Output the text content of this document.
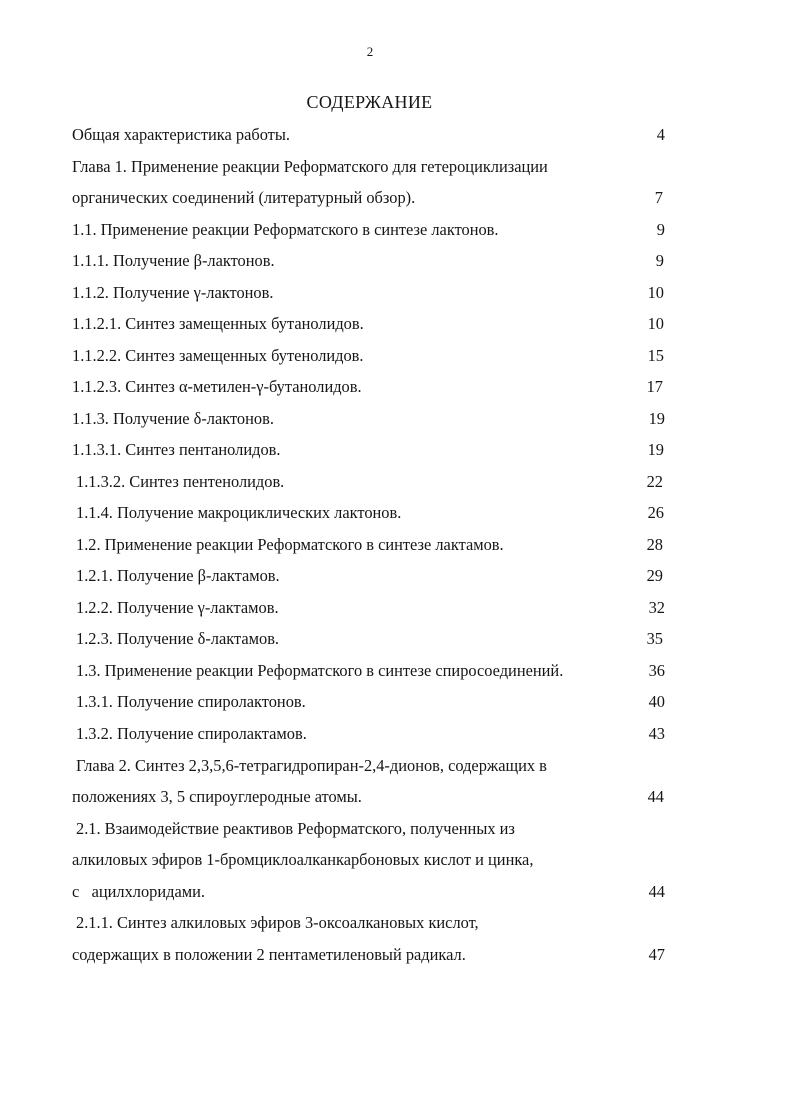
2
СОДЕРЖАНИЕ
Общая характеристика работы.	4
Глава 1. Применение реакции Реформатского для гетероциклизации
органических соединений (литературный обзор).	7
1.1. Применение реакции Реформатского в синтезе лактонов.	9
1.1.1. Получение β-лактонов.	9
1.1.2. Получение γ-лактонов.	10
1.1.2.1. Синтез замещенных бутанолидов.	10
1.1.2.2. Синтез замещенных бутенолидов.	15
1.1.2.3. Синтез α-метилен-γ-бутанолидов.	17
1.1.3. Получение δ-лактонов.	19
1.1.3.1. Синтез пентанолидов.	19
1.1.3.2. Синтез пентенолидов.	22
1.1.4. Получение макроциклических лактонов.	26
1.2. Применение реакции Реформатского в синтезе лактамов.	28
1.2.1. Получение β-лактамов.	29
1.2.2. Получение γ-лактамов.	32
1.2.3. Получение δ-лактамов.	35
1.3. Применение реакции Реформатского в синтезе спиросоединений.	36
1.3.1. Получение спиролактонов.	40
1.3.2. Получение спиролактамов.	43
Глава 2. Синтез 2,3,5,6-тетрагидропиран-2,4-дионов, содержащих в
положениях 3, 5 спироуглеродные атомы.	44
2.1. Взаимодействие реактивов Реформатского, полученных из
алкиловых эфиров 1-бромциклоалканкарбоновых кислот и цинка,
с   ацилхлоридами.	44
2.1.1. Синтез алкиловых эфиров 3-оксоалкановых кислот,
содержащих в положении 2 пентаметиленовый радикал.	47
